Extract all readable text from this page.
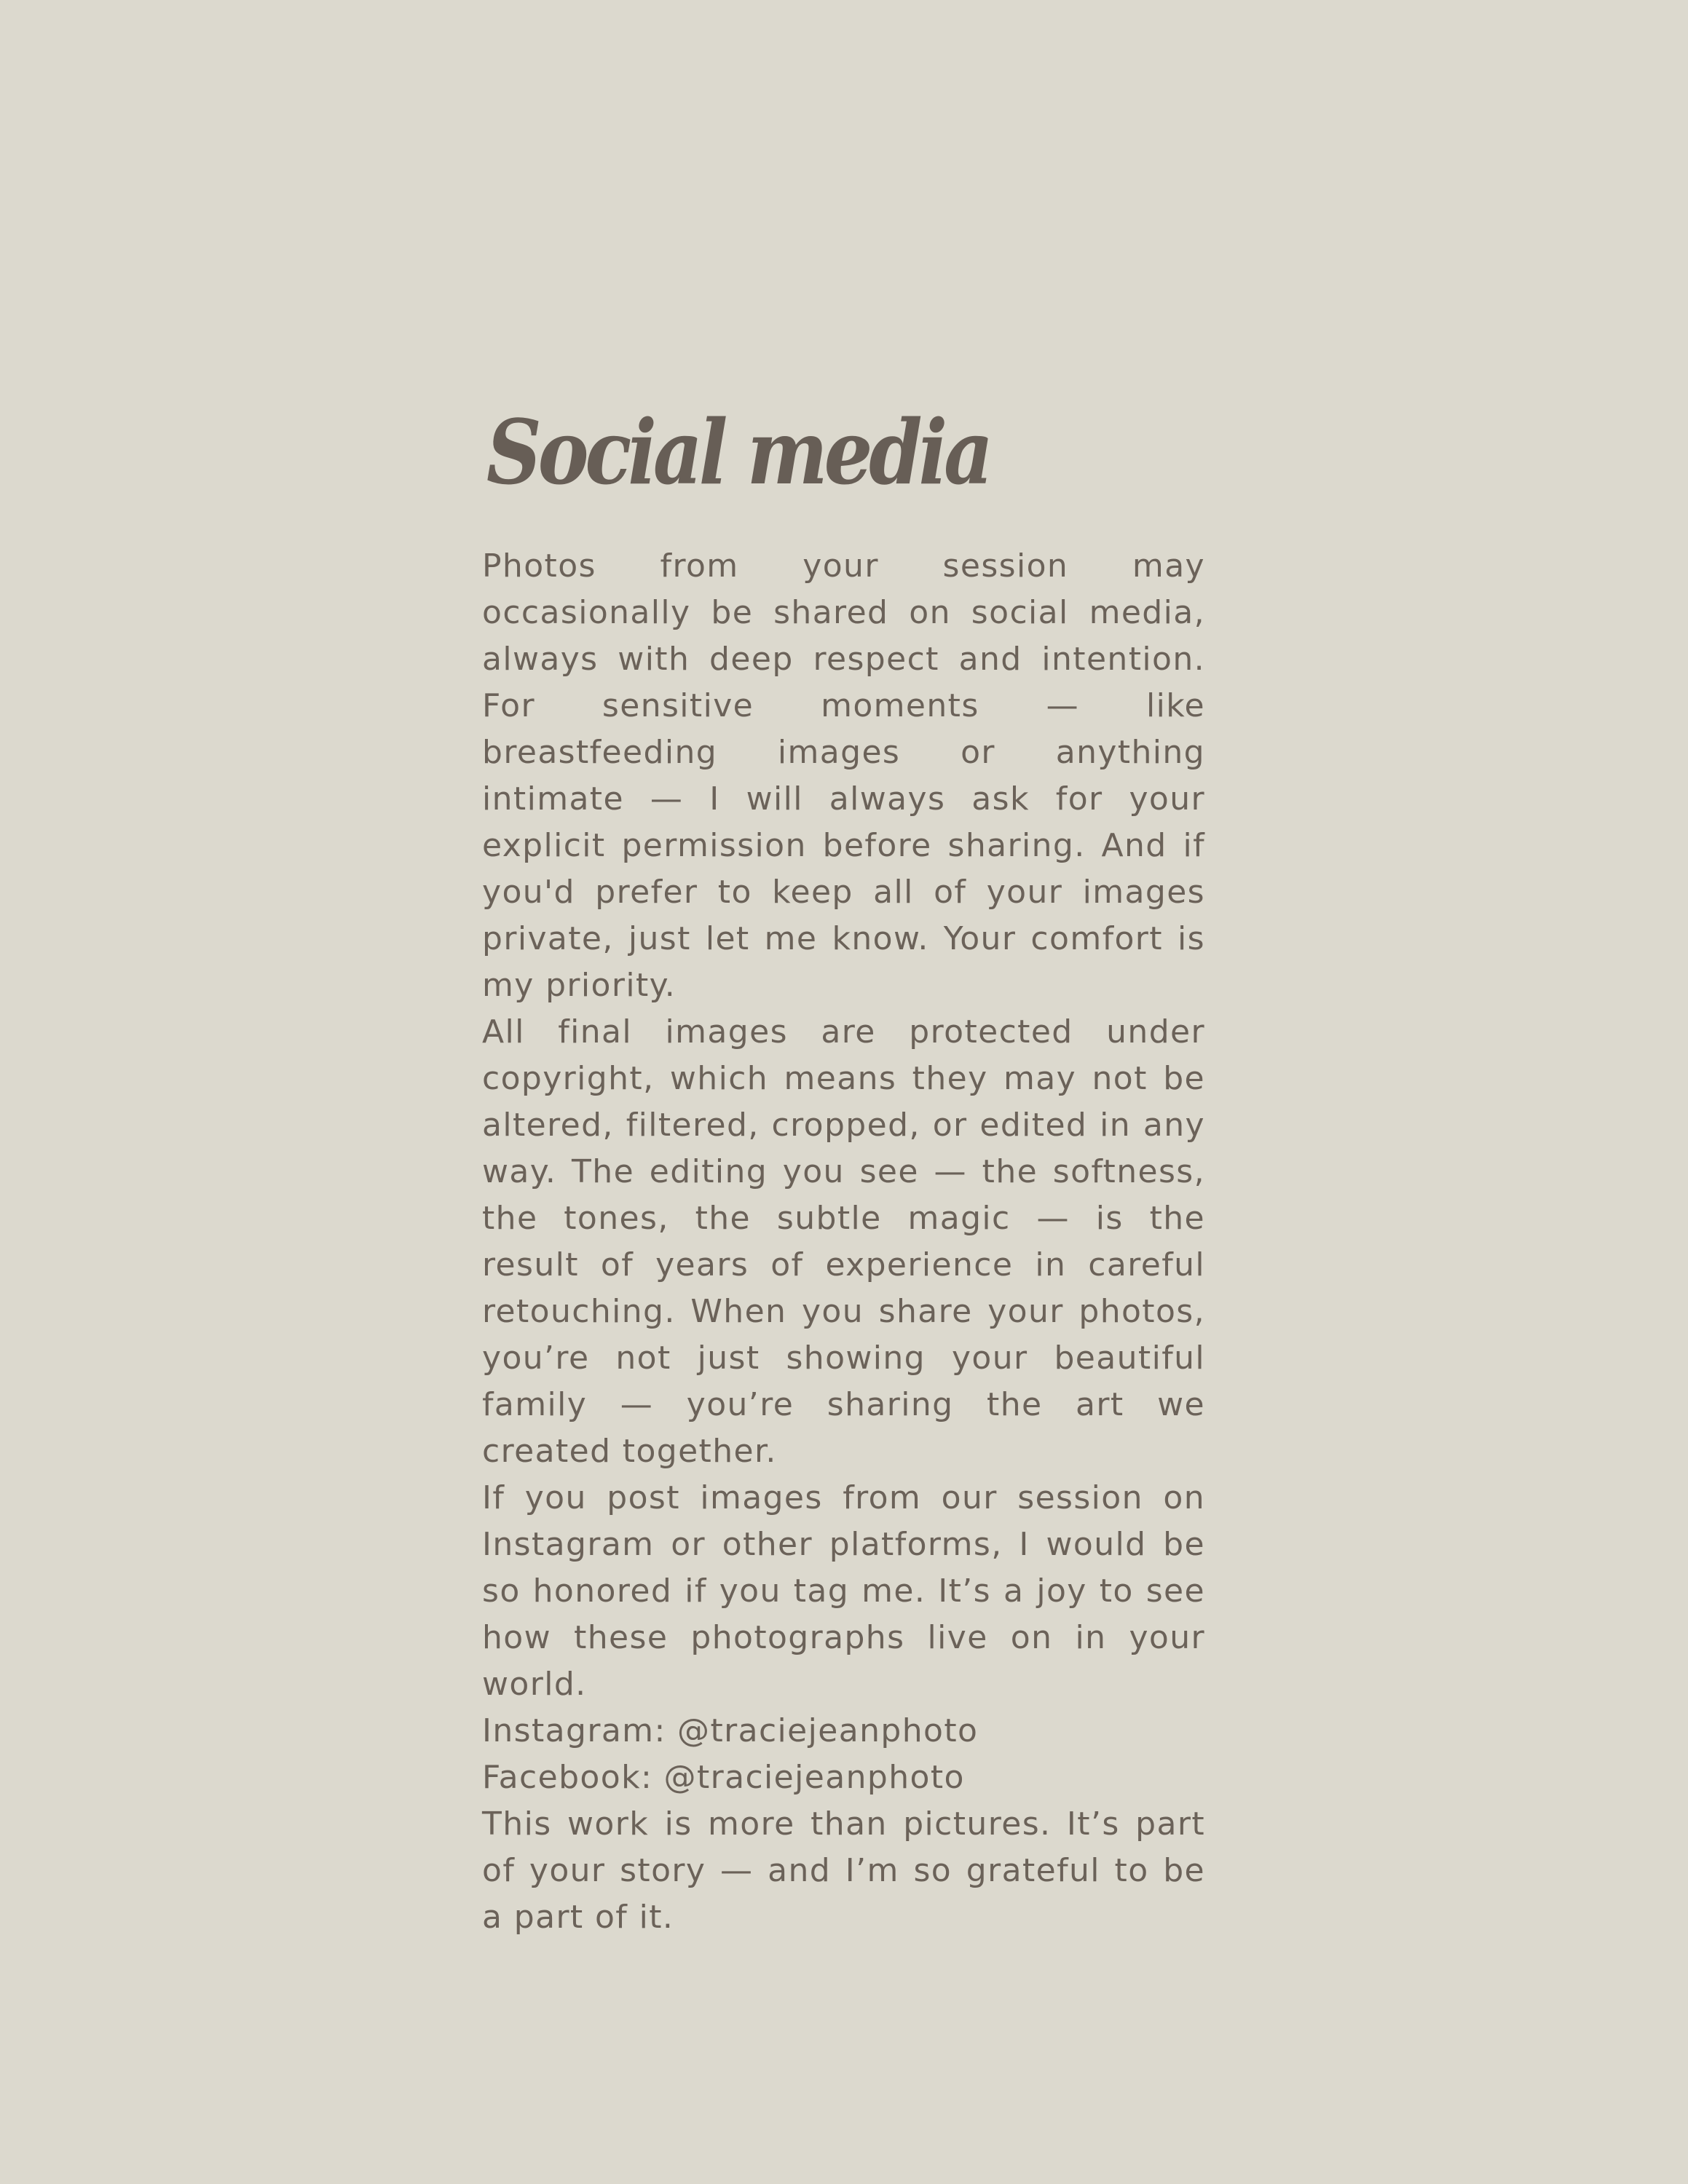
Social media

Photos from your session may occasionally be shared on social media, always with deep respect and intention. For sensitive moments — like breastfeeding images or anything intimate — I will always ask for your explicit permission before sharing. And if you'd prefer to keep all of your images private, just let me know. Your comfort is my priority.

All final images are protected under copyright, which means they may not be altered, filtered, cropped, or edited in any way. The editing you see — the softness, the tones, the subtle magic — is the result of years of experience in careful retouching. When you share your photos, you’re not just showing your beautiful family — you’re sharing the art we created together.

If you post images from our session on Instagram or other platforms, I would be so honored if you tag me. It’s a joy to see how these photographs live on in your world.

Instagram: @traciejeanphoto

Facebook: @traciejeanphoto

This work is more than pictures. It’s part of your story — and I’m so grateful to be a part of it.
